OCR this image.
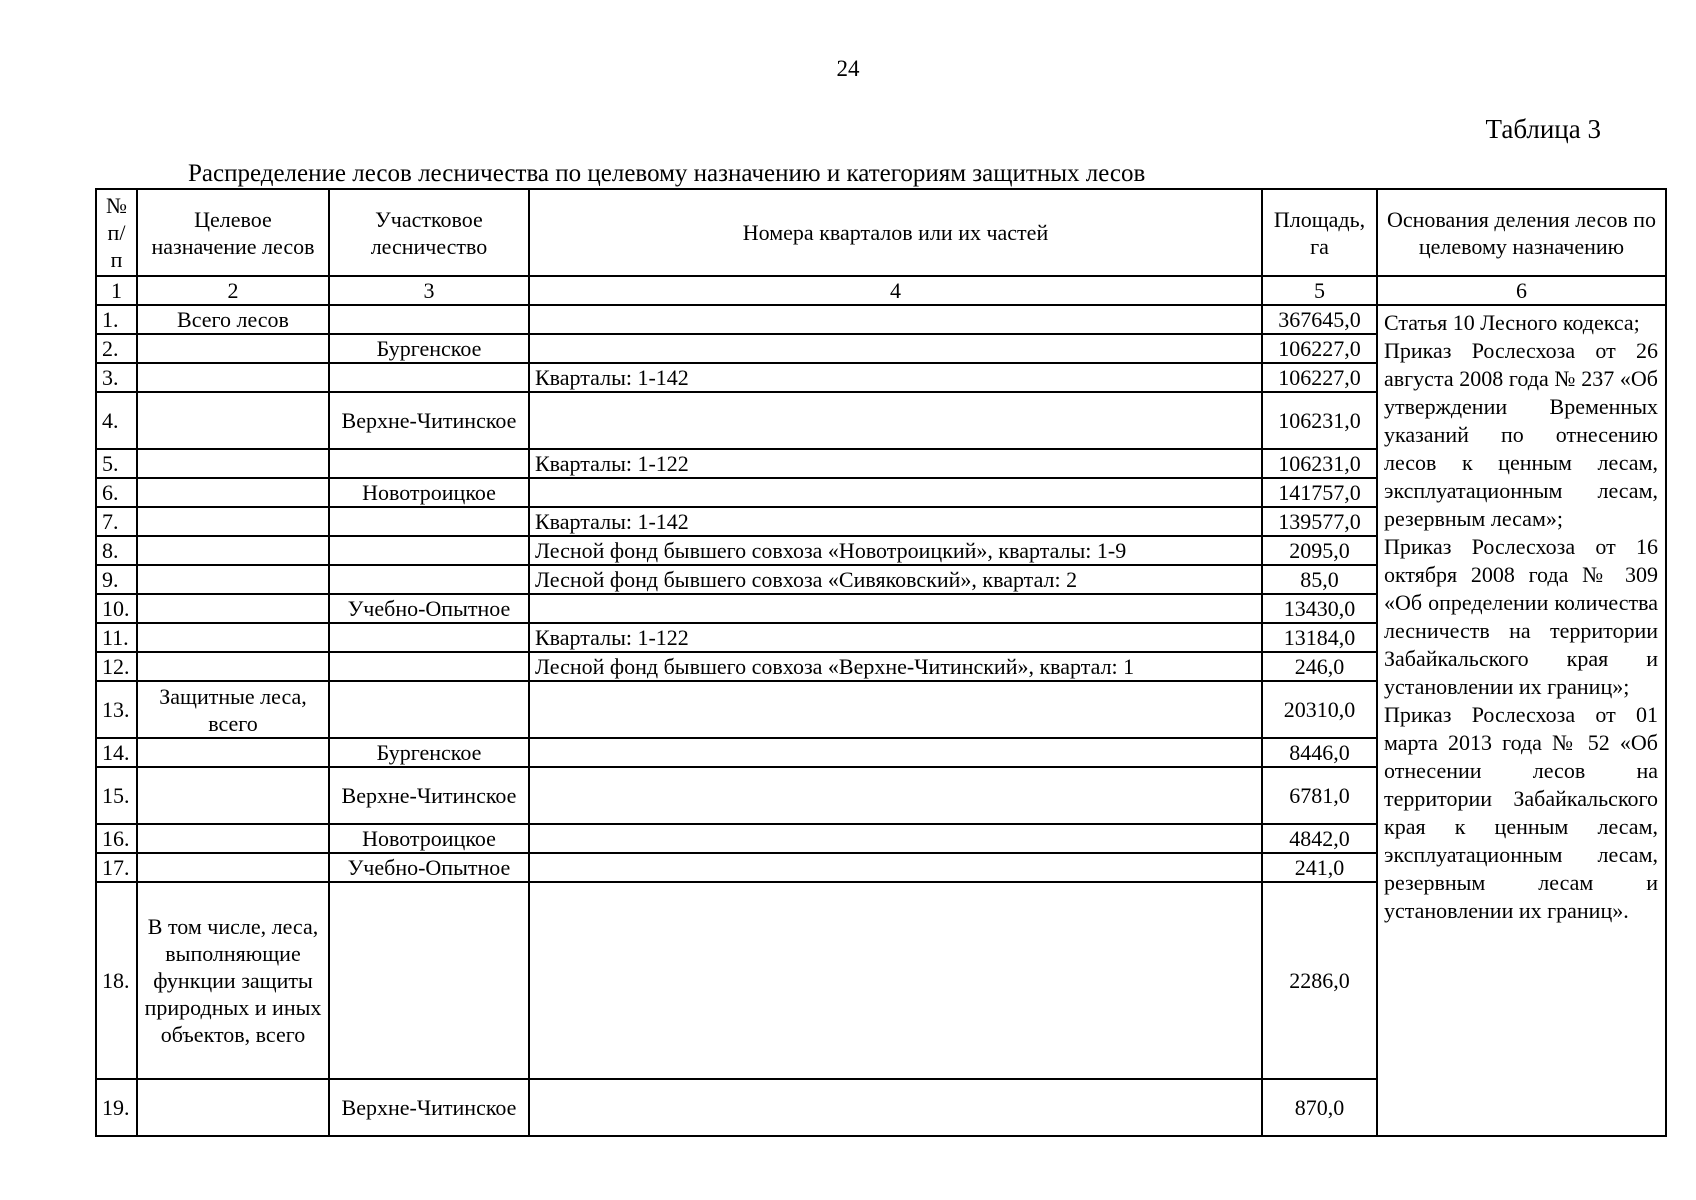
24
Таблица 3
Распределение лесов лесничества по целевому назначению и категориям защитных лесов
№ п/ п	Целевое назначение лесов	Участковое лесничество	Номера кварталов или их частей	Площадь, га	Основания деления лесов по целевому назначению
1	2	3	4	5	6
1.	Всего лесов			367645,0	Статья 10 Лесного кодекса;

Приказ Рослесхоза от 26 августа 2008 года № 237 «Об утверждении Временных указаний по отнесению лесов к ценным лесам, эксплуатационным лесам, резервным лесам»;

Приказ Рослесхоза от 16 октября 2008 года № 309 «Об определении количества лесничеств на территории Забайкальского края и установлении их границ»;

Приказ Рослесхоза от 01 марта 2013 года № 52 «Об отнесении лесов на территории Забайкальского края к ценным лесам, эксплуатационным лесам, резервным лесам и установлении их границ».

2.		Бургенское		106227,0	
3.			Кварталы: 1-142	106227,0	
4.		Верхне-Читинское		106231,0	
5.			Кварталы: 1-122	106231,0	
6.		Новотроицкое		141757,0	
7.			Кварталы: 1-142	139577,0	
8.			Лесной фонд бывшего совхоза «Новотроицкий», кварталы: 1-9	2095,0	
9.			Лесной фонд бывшего совхоза «Сивяковский», квартал: 2	85,0	
10.		Учебно-Опытное		13430,0	
11.			Кварталы: 1-122	13184,0	
12.			Лесной фонд бывшего совхоза «Верхне-Читинский», квартал: 1	246,0	
13.	Защитные леса, всего			20310,0	
14.		Бургенское		8446,0	
15.		Верхне-Читинское		6781,0	
16.		Новотроицкое		4842,0	
17.		Учебно-Опытное		241,0	
18.	В том числе, леса, выполняющие функции защиты природных и иных объектов, всего			2286,0	
19.		Верхне-Читинское		870,0	
